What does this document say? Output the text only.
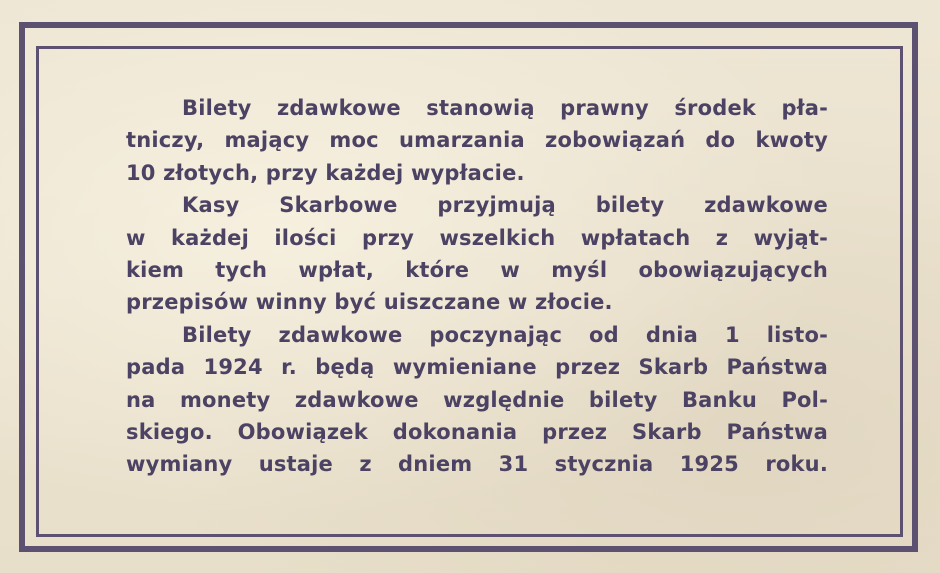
Bilety zdawkowe stanowią prawny środek pła-
tniczy, mający moc umarzania zobowiązań do kwoty
10 złotych, przy każdej wypłacie.
Kasy Skarbowe przyjmują bilety zdawkowe
w każdej ilości przy wszelkich wpłatach z wyjąt-
kiem tych wpłat, które w myśl obowiązujących
przepisów winny być uiszczane w złocie.
Bilety zdawkowe poczynając od dnia 1 listo-
pada 1924 r. będą wymieniane przez Skarb Państwa
na monety zdawkowe względnie bilety Banku Pol-
skiego. Obowiązek dokonania przez Skarb Państwa
wymiany ustaje z dniem 31 stycznia 1925 roku.
